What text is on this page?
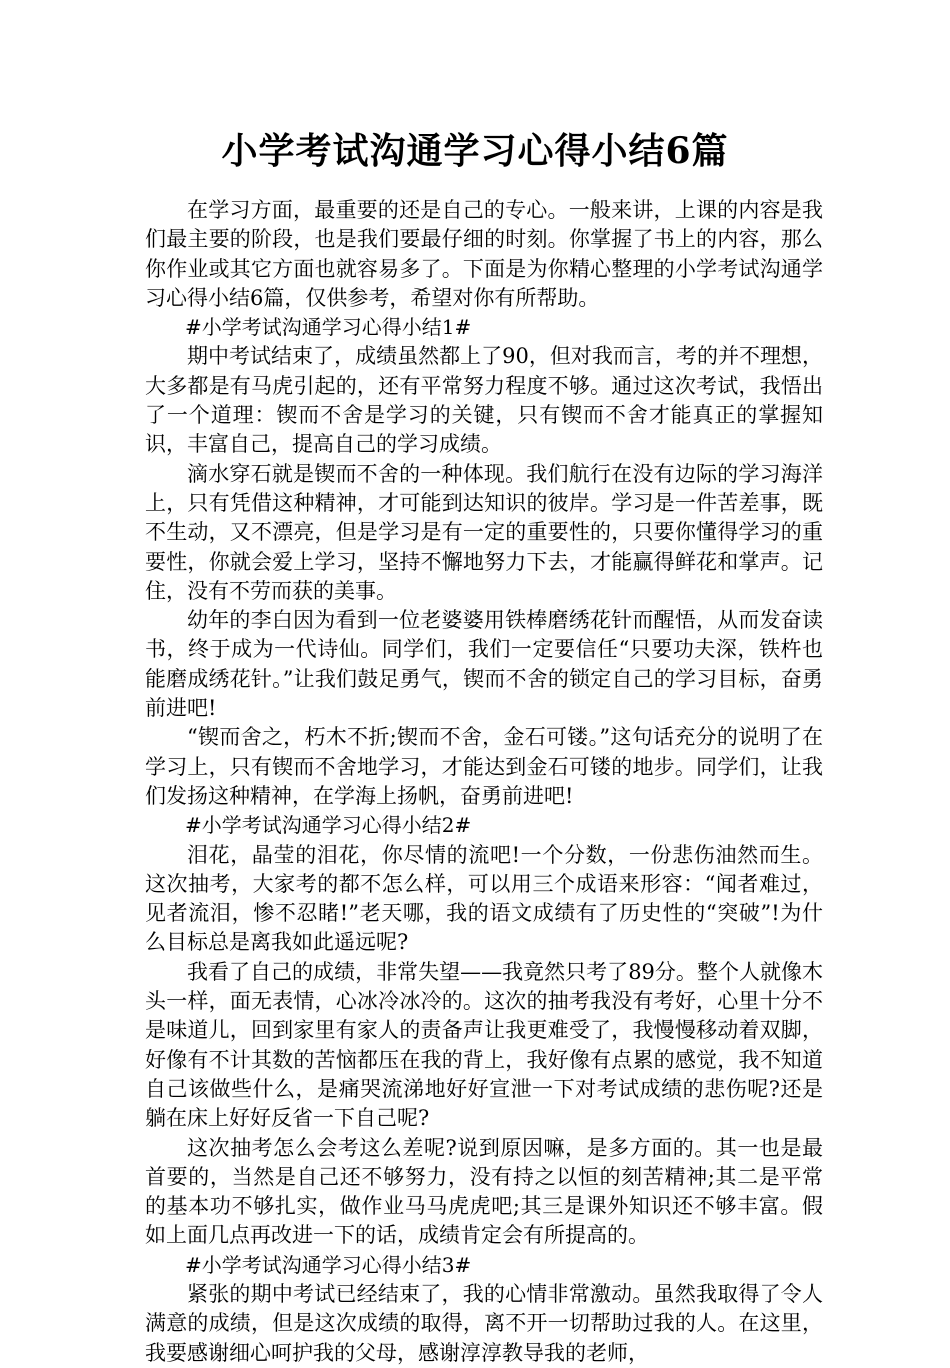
小学考试沟通学习心得小结6篇

在学习方面，最重要的还是自己的专心。一般来讲，上课的内容是我们最主要的阶段，也是我们要最仔细的时刻。你掌握了书上的内容，那么你作业或其它方面也就容易多了。下面是为你精心整理的小学考试沟通学习心得小结6篇，仅供参考，希望对你有所帮助。

#小学考试沟通学习心得小结1#

期中考试结束了，成绩虽然都上了90，但对我而言，考的并不理想，大多都是有马虎引起的，还有平常努力程度不够。通过这次考试，我悟出了一个道理：锲而不舍是学习的关键，只有锲而不舍才能真正的掌握知识，丰富自己，提高自己的学习成绩。

滴水穿石就是锲而不舍的一种体现。我们航行在没有边际的学习海洋上，只有凭借这种精神，才可能到达知识的彼岸。学习是一件苦差事，既不生动，又不漂亮，但是学习是有一定的重要性的，只要你懂得学习的重要性，你就会爱上学习，坚持不懈地努力下去，才能赢得鲜花和掌声。记住，没有不劳而获的美事。

幼年的李白因为看到一位老婆婆用铁棒磨绣花针而醒悟，从而发奋读书，终于成为一代诗仙。同学们，我们一定要信任“只要功夫深，铁杵也能磨成绣花针。”让我们鼓足勇气，锲而不舍的锁定自己的学习目标，奋勇前进吧!

“锲而舍之，朽木不折;锲而不舍，金石可镂。”这句话充分的说明了在学习上，只有锲而不舍地学习，才能达到金石可镂的地步。同学们，让我们发扬这种精神，在学海上扬帆，奋勇前进吧!

#小学考试沟通学习心得小结2#

泪花，晶莹的泪花，你尽情的流吧!一个分数，一份悲伤油然而生。这次抽考，大家考的都不怎么样，可以用三个成语来形容：“闻者难过，见者流泪，惨不忍睹!”老天哪，我的语文成绩有了历史性的“突破”!为什么目标总是离我如此遥远呢?

我看了自己的成绩，非常失望——我竟然只考了89分。整个人就像木头一样，面无表情，心冰冷冰冷的。这次的抽考我没有考好，心里十分不是味道儿，回到家里有家人的责备声让我更难受了，我慢慢移动着双脚，好像有不计其数的苦恼都压在我的背上，我好像有点累的感觉，我不知道自己该做些什么，是痛哭流涕地好好宣泄一下对考试成绩的悲伤呢?还是躺在床上好好反省一下自己呢?

这次抽考怎么会考这么差呢?说到原因嘛，是多方面的。其一也是最首要的，当然是自己还不够努力，没有持之以恒的刻苦精神;其二是平常的基本功不够扎实，做作业马马虎虎吧;其三是课外知识还不够丰富。假如上面几点再改进一下的话，成绩肯定会有所提高的。

#小学考试沟通学习心得小结3#

紧张的期中考试已经结束了，我的心情非常激动。虽然我取得了令人满意的成绩，但是这次成绩的取得，离不开一切帮助过我的人。在这里，我要感谢细心呵护我的父母，感谢淳淳教导我的老师，
